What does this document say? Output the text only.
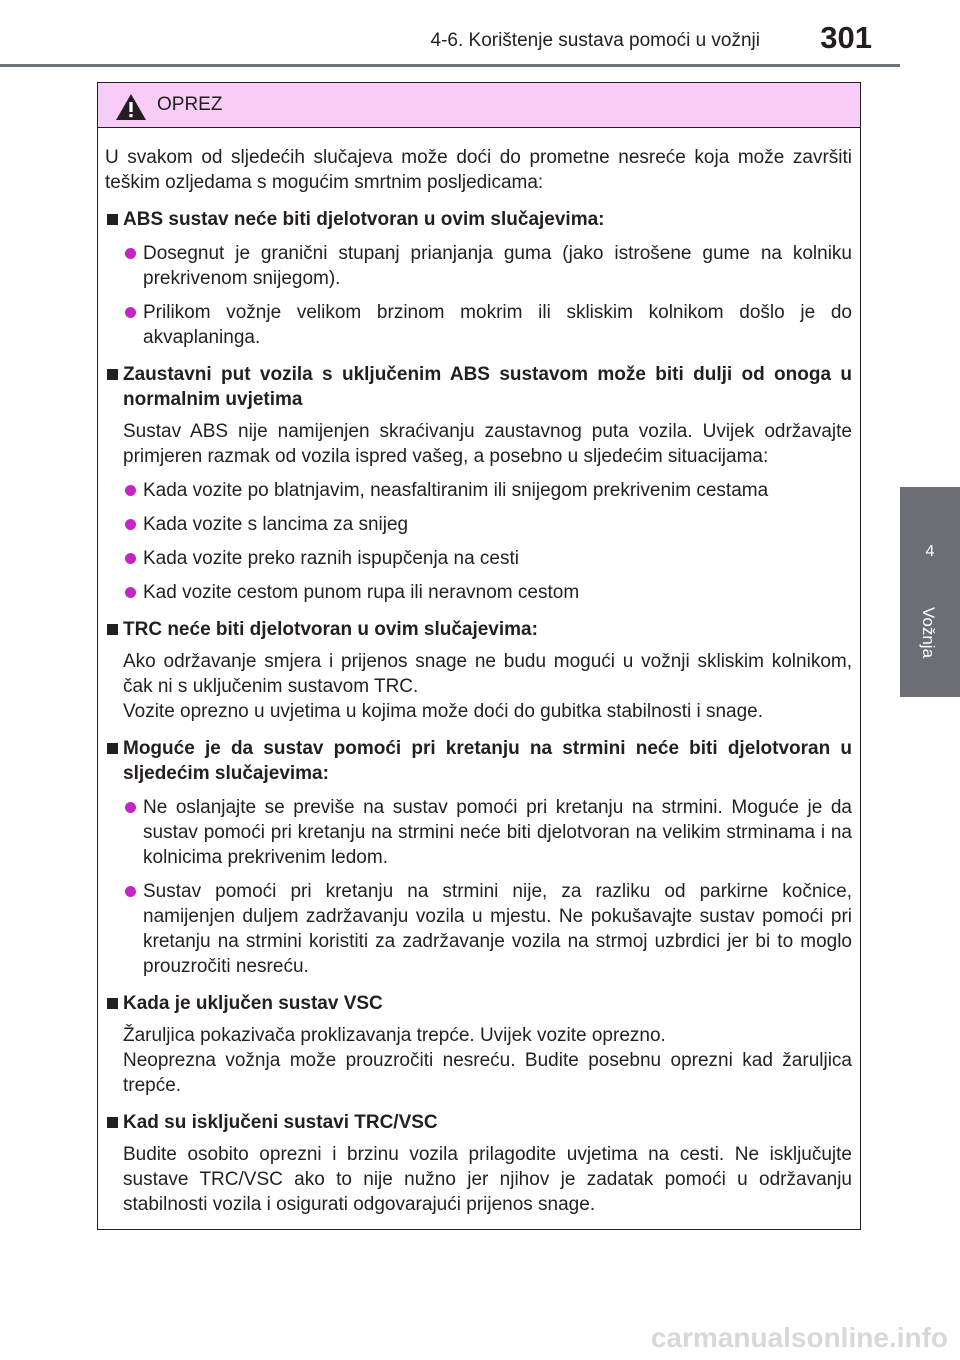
4-6. Korištenje sustava pomoći u vožnji 301
4
Vožnja
OPREZ

U svakom od sljedećih slučajeva može doći do prometne nesreće koja može završiti teškim ozljedama s mogućim smrtnim posljedicama:

ABS sustav neće biti djelotvoran u ovim slučajevima:
Dosegnut je granični stupanj prianjanja guma (jako istrošene gume na kolniku prekrivenom snijegom).
Prilikom vožnje velikom brzinom mokrim ili skliskim kolnikom došlo je do akvaplaninga.
Zaustavni put vozila s uključenim ABS sustavom može biti dulji od onoga u normalnim uvjetima
Sustav ABS nije namijenjen skraćivanju zaustavnog puta vozila. Uvijek održavajte primjeren razmak od vozila ispred vašeg, a posebno u sljedećim situacijama:
Kada vozite po blatnjavim, neasfaltiranim ili snijegom prekrivenim cestama
Kada vozite s lancima za snijeg
Kada vozite preko raznih ispupčenja na cesti
Kad vozite cestom punom rupa ili neravnom cestom
TRC neće biti djelotvoran u ovim slučajevima:
Ako održavanje smjera i prijenos snage ne budu mogući u vožnji skliskim kolnikom, čak ni s uključenim sustavom TRC.
Vozite oprezno u uvjetima u kojima može doći do gubitka stabilnosti i snage.
Moguće je da sustav pomoći pri kretanju na strmini neće biti djelotvoran u sljedećim slučajevima:
Ne oslanjajte se previše na sustav pomoći pri kretanju na strmini. Moguće je da sustav pomoći pri kretanju na strmini neće biti djelotvoran na velikim strminama i na kolnicima prekrivenim ledom.
Sustav pomoći pri kretanju na strmini nije, za razliku od parkirne kočnice, namijenjen duljem zadržavanju vozila u mjestu. Ne pokušavajte sustav pomoći pri kretanju na strmini koristiti za zadržavanje vozila na strmoj uzbrdici jer bi to moglo prouzročiti nesreću.
Kada je uključen sustav VSC
Žaruljica pokazivača proklizavanja trepće. Uvijek vozite oprezno.
Neoprezna vožnja može prouzročiti nesreću. Budite posebnu oprezni kad žaruljica trepće.
Kad su isključeni sustavi TRC/VSC
Budite osobito oprezni i brzinu vozila prilagodite uvjetima na cesti. Ne isključujte sustave TRC/VSC ako to nije nužno jer njihov je zadatak pomoći u održavanju stabilnosti vozila i osigurati odgovarajući prijenos snage.
carmanualsonline.info
